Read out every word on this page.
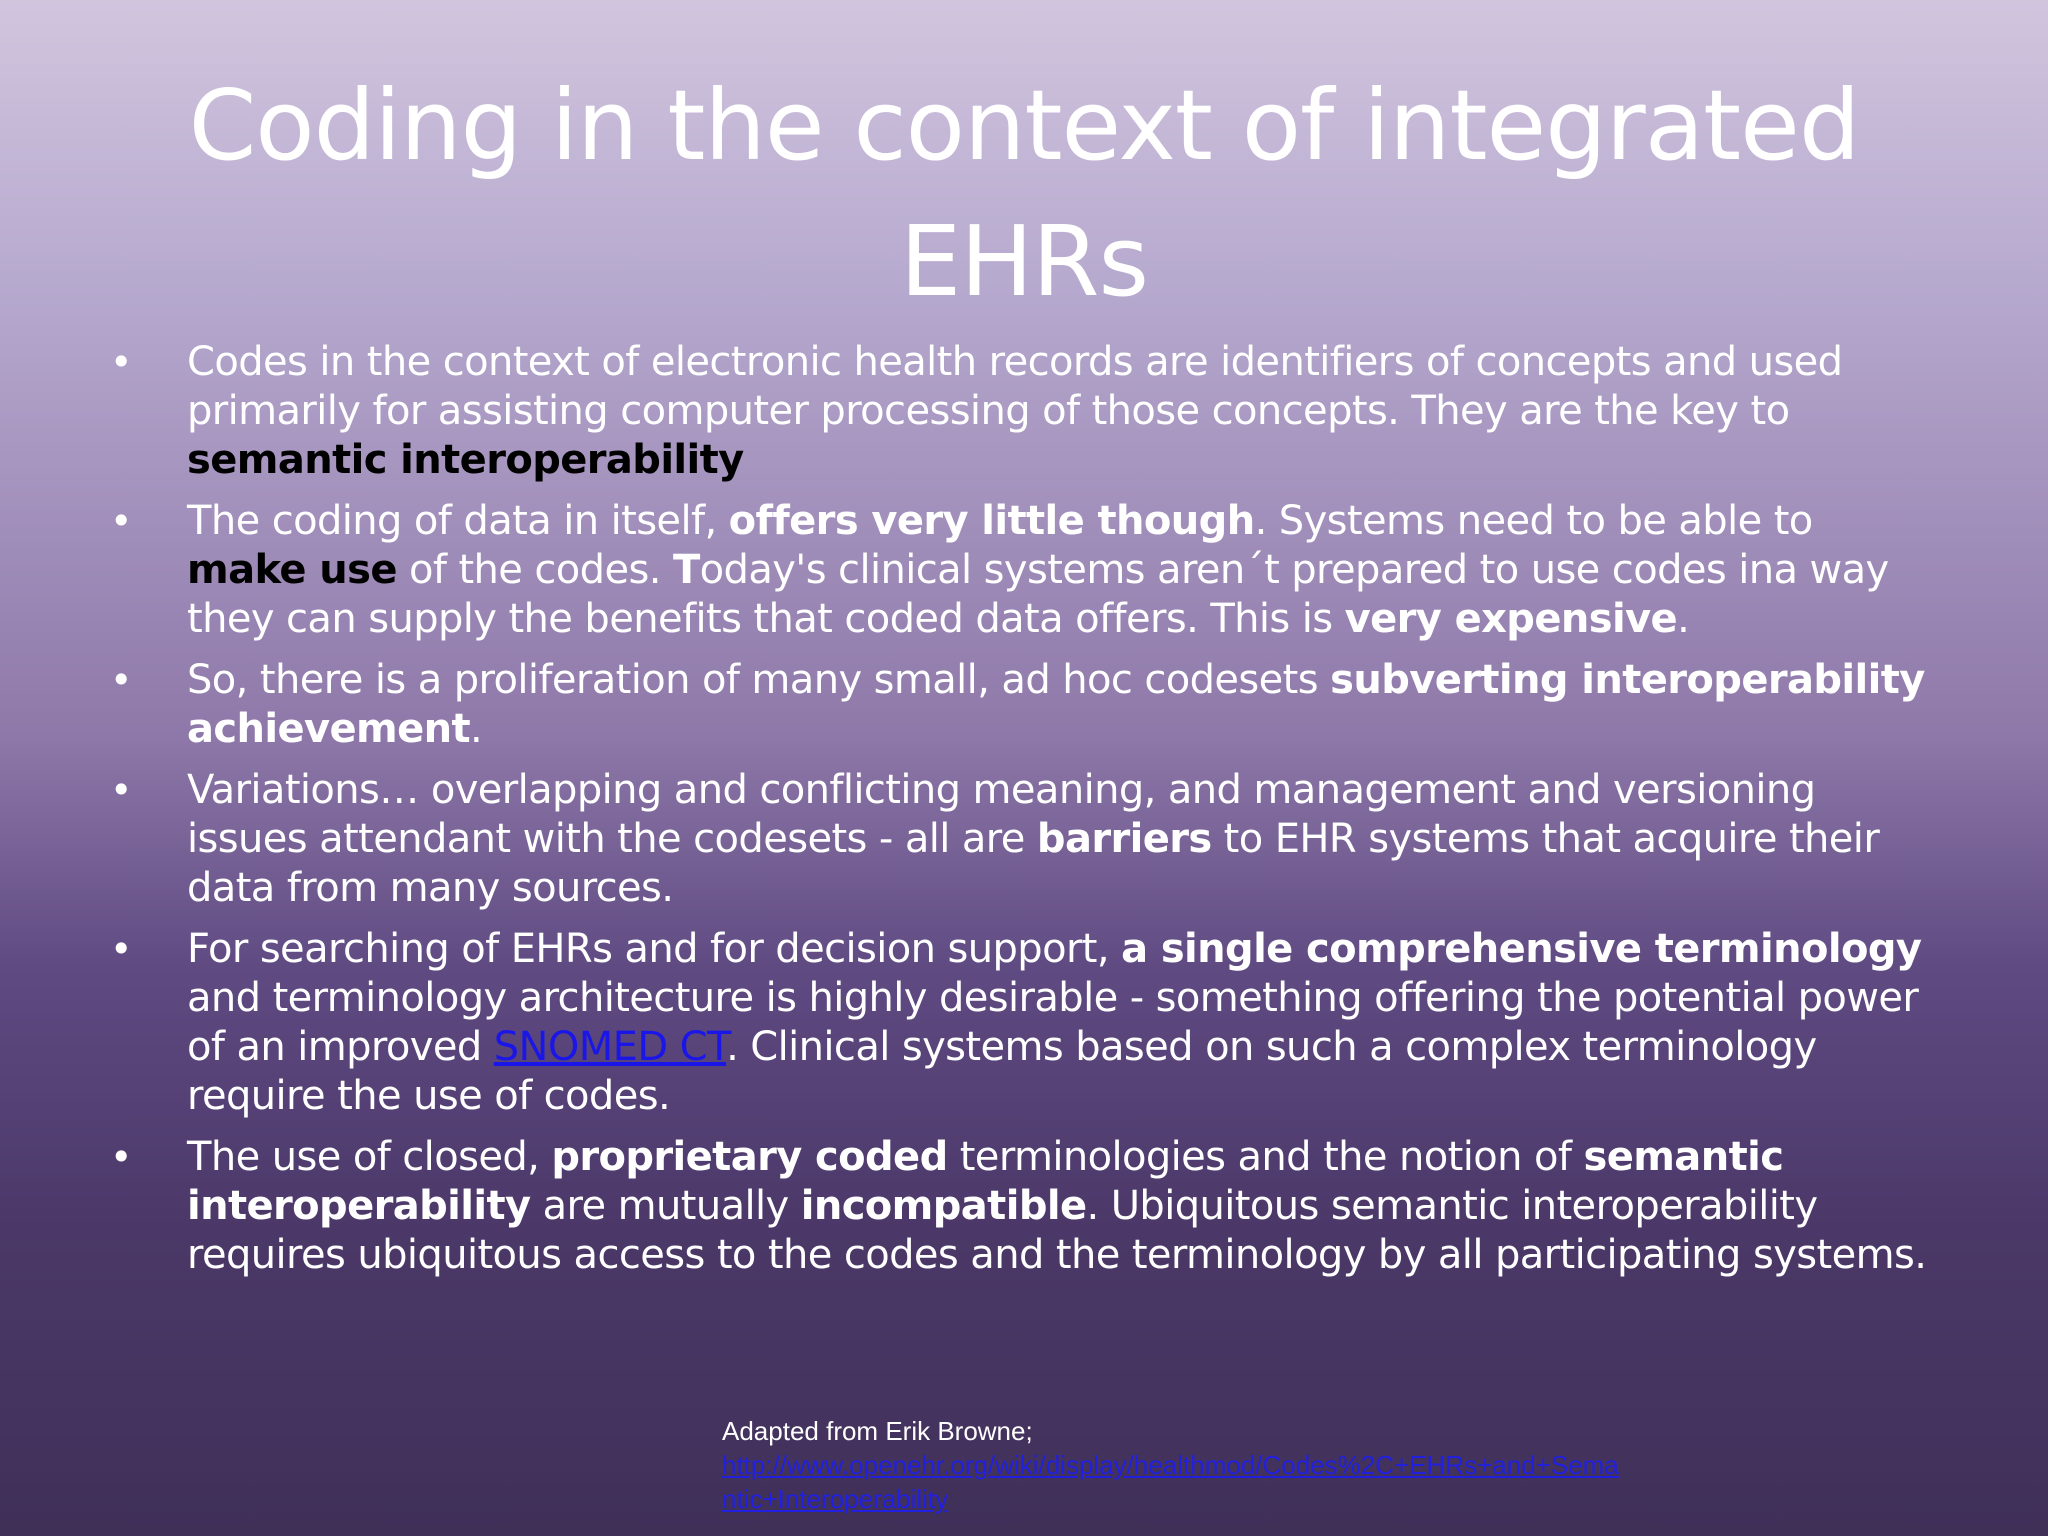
Coding in the context of integrated
EHRs
• Codes in the context of electronic health records are identifiers of concepts and used primarily for assisting computer processing of those concepts. They are the key to semantic interoperability
• The coding of data in itself, offers very little though. Systems need to be able to make use of the codes. Today's clinical systems aren´t prepared to use codes ina way they can supply the benefits that coded data offers. This is very expensive.
• So, there is a proliferation of many small, ad hoc codesets subverting interoperability achievement.
• Variations… overlapping and conflicting meaning, and management and versioning issues attendant with the codesets - all are barriers to EHR systems that acquire their data from many sources.
• For searching of EHRs and for decision support, a single comprehensive terminology and terminology architecture is highly desirable - something offering the potential power of an improved SNOMED CT. Clinical systems based on such a complex terminology require the use of codes.
• The use of closed, proprietary coded terminologies and the notion of semantic interoperability are mutually incompatible. Ubiquitous semantic interoperability requires ubiquitous access to the codes and the terminology by all participating systems.
Adapted from Erik Browne;
http://www.openehr.org/wiki/display/healthmod/Codes%2C+EHRs+and+Sema
ntic+Interoperability
